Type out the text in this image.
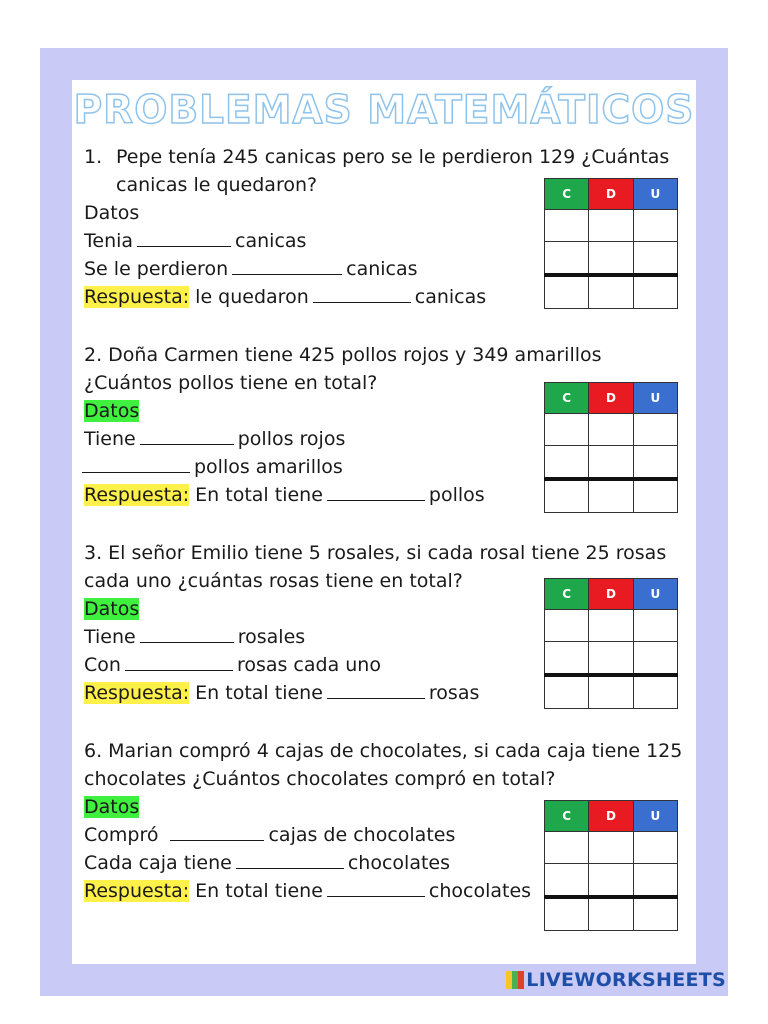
PROBLEMAS MATEMÁTICOS
1. Pepe tenía 245 canicas pero se le perdieron 129 ¿Cuántas
canicas le quedaron?
Datos
Tenia	canicas
Se le perdieron	canicas
Respuesta: le quedaron	canicas
C	D	U

2. Doña Carmen tiene 425 pollos rojos y 349 amarillos
¿Cuántos pollos tiene en total?
Datos
Tiene	pollos rojos
pollos amarillos
Respuesta: En total tiene	pollos
C	D	U

3. El señor Emilio tiene 5 rosales, si cada rosal tiene 25 rosas
cada uno ¿cuántas rosas tiene en total?
Datos
Tiene	rosales
Con	rosas cada uno
Respuesta: En total tiene	rosas
C	D	U

6. Marian compró 4 cajas de chocolates, si cada caja tiene 125
chocolates ¿Cuántos chocolates compró en total?
Datos
Compró	cajas de chocolates
Cada caja tiene	chocolates
Respuesta: En total tiene	chocolates
C	D	U

LIVEWORKSHEETS
